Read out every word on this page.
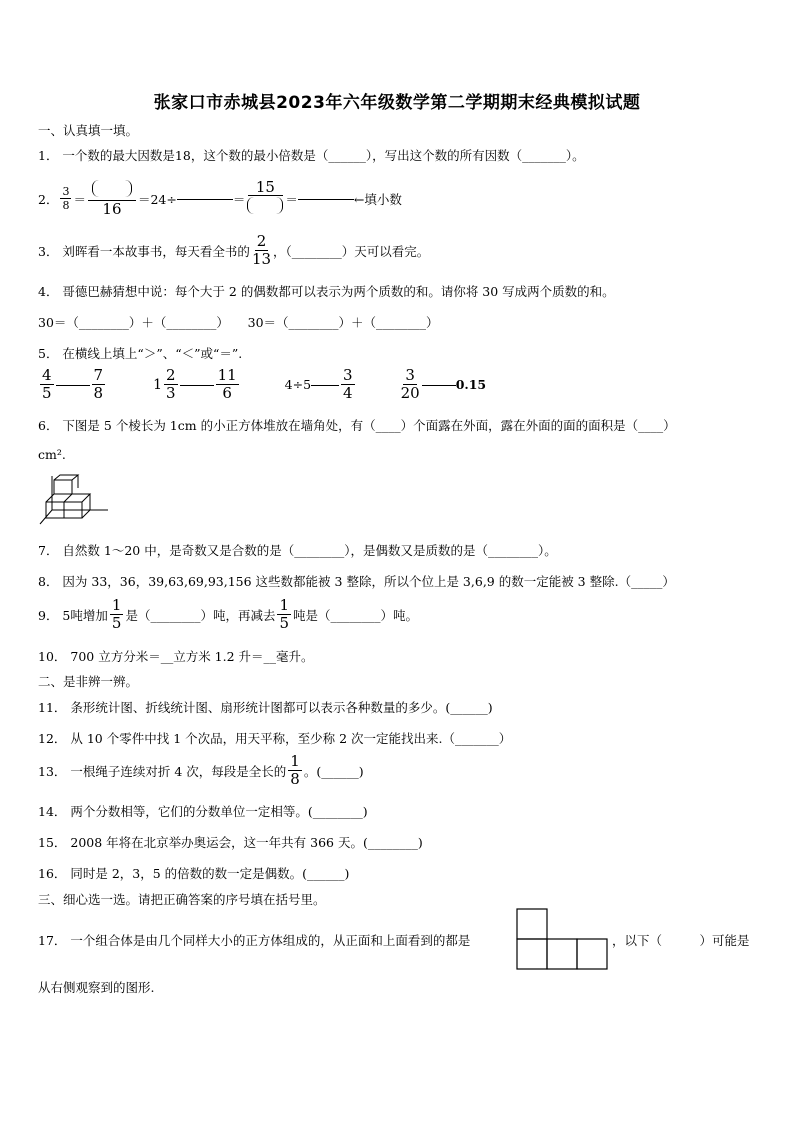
张家口市赤城县2023年六年级数学第二学期期末经典模拟试题
一、认真填一填。
1． 一个数的最大因数是18，这个数的最小倍数是（______），写出这个数的所有因数（_______）。
2． $\frac{3}{8}$ ＝
16
＝24÷	＝
15
＝	←填小数
3． 刘晖看一本故事书，每天看全书的 $\frac{2}{13}$ ，（________）天可以看完。
4． 哥德巴赫猜想中说：每个大于 2 的偶数都可以表示为两个质数的和。请你将 30 写成两个质数的和。
30＝（________）＋（________）　　30＝（________）＋（________）
5． 在横线上填上“＞”、“＜”或“＝”.
$\frac{4}{5}$	$\frac{7}{8}$	$1 \frac{2}{3}$	$\frac{11}{6}$	$4\div 5 \frac{3}{4}$	$\frac{3}{20}$	0.15
6． 下图是 5 个棱长为 1cm 的小正方体堆放在墙角处，有（____）个面露在外面，露在外面的面的面积是（____）
cm².
7． 自然数 1～20 中，是奇数又是合数的是（________），是偶数又是质数的是（________）。
8． 因为 33，36，39,63,69,93,156 这些数都能被 3 整除，所以个位上是 3,6,9 的数一定能被 3 整除.（_____）
9． 5吨增加 $\frac{1}{5}$ 是（________）吨，再减去 $\frac{1}{5}$ 吨是（________）吨。
10． 700 立方分米＝__立方米 1.2 升＝__毫升。
二、是非辨一辨。
11． 条形统计图、折线统计图、扇形统计图都可以表示各种数量的多少。(______)
12． 从 10 个零件中找 1 个次品，用天平称，至少称 2 次一定能找出来.（_______）
13． 一根绳子连续对折 4 次，每段是全长的 $\frac{1}{8}$ 。(______)
14． 两个分数相等，它们的分数单位一定相等。(________)
15． 2008 年将在北京举办奥运会，这一年共有 366 天。(________)
16． 同时是 2，3，5 的倍数的数一定是偶数。(______)
三、细心选一选。请把正确答案的序号填在括号里。
17． 一个组合体是由几个同样大小的正方体组成的，从正面和上面看到的都是	，以下（　　　）可能是
从右侧观察到的图形.
